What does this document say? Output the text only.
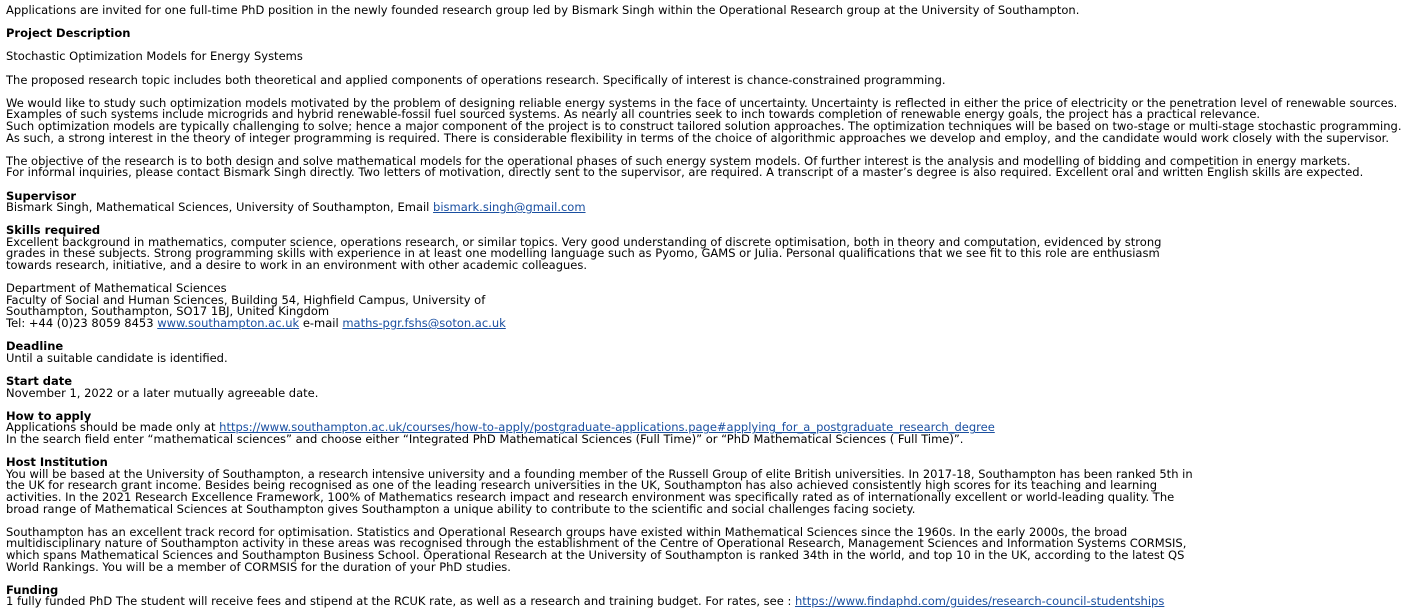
Applications are invited for one full-time PhD position in the newly founded research group led by Bismark Singh within the Operational Research group at the University of Southampton.

Project Description

Stochastic Optimization Models for Energy Systems

The proposed research topic includes both theoretical and applied components of operations research. Specifically of interest is chance-constrained programming.

We would like to study such optimization models motivated by the problem of designing reliable energy systems in the face of uncertainty. Uncertainty is reflected in either the price of electricity or the penetration level of renewable sources.

Examples of such systems include microgrids and hybrid renewable-fossil fuel sourced systems. As nearly all countries seek to inch towards completion of renewable energy goals, the project has a practical relevance.

Such optimization models are typically challenging to solve; hence a major component of the project is to construct tailored solution approaches. The optimization techniques will be based on two-stage or multi-stage stochastic programming.

As such, a strong interest in the theory of integer programming is required. There is considerable flexibility in terms of the choice of algorithmic approaches we develop and employ, and the candidate would work closely with the supervisor.

The objective of the research is to both design and solve mathematical models for the operational phases of such energy system models. Of further interest is the analysis and modelling of bidding and competition in energy markets.

For informal inquiries, please contact Bismark Singh directly. Two letters of motivation, directly sent to the supervisor, are required. A transcript of a master’s degree is also required. Excellent oral and written English skills are expected.

Supervisor

Bismark Singh, Mathematical Sciences, University of Southampton, Email bismark.singh@gmail.com

Skills required

Excellent background in mathematics, computer science, operations research, or similar topics. Very good understanding of discrete optimisation, both in theory and computation, evidenced by strong grades in these subjects. Strong programming skills with experience in at least one modelling language such as Pyomo, GAMS or Julia. Personal qualifications that we see fit to this role are enthusiasm towards research, initiative, and a desire to work in an environment with other academic colleagues.

Department of Mathematical Sciences

Faculty of Social and Human Sciences, Building 54, Highfield Campus, University of

Southampton, Southampton, SO17 1BJ, United Kingdom

Tel: +44 (0)23 8059 8453 www.southampton.ac.uk e-mail maths-pgr.fshs@soton.ac.uk

Deadline

Until a suitable candidate is identified.

Start date

November 1, 2022 or a later mutually agreeable date.

How to apply

Applications should be made only at https://www.southampton.ac.uk/courses/how-to-apply/postgraduate-applications.page#applying_for_a_postgraduate_research_degree

In the search field enter “mathematical sciences” and choose either “Integrated PhD Mathematical Sciences (Full Time)” or “PhD Mathematical Sciences ( Full Time)”.

Host Institution

You will be based at the University of Southampton, a research intensive university and a founding member of the Russell Group of elite British universities. In 2017-18, Southampton has been ranked 5th in the UK for research grant income. Besides being recognised as one of the leading research universities in the UK, Southampton has also achieved consistently high scores for its teaching and learning activities. In the 2021 Research Excellence Framework, 100% of Mathematics research impact and research environment was specifically rated as of internationally excellent or world-leading quality. The broad range of Mathematical Sciences at Southampton gives Southampton a unique ability to contribute to the scientific and social challenges facing society.

Southampton has an excellent track record for optimisation. Statistics and Operational Research groups have existed within Mathematical Sciences since the 1960s. In the early 2000s, the broad multidisciplinary nature of Southampton activity in these areas was recognised through the establishment of the Centre of Operational Research, Management Sciences and Information Systems CORMSIS, which spans Mathematical Sciences and Southampton Business School. Operational Research at the University of Southampton is ranked 34th in the world, and top 10 in the UK, according to the latest QS World Rankings. You will be a member of CORMSIS for the duration of your PhD studies.

Funding

1 fully funded PhD The student will receive fees and stipend at the RCUK rate, as well as a research and training budget. For rates, see : https://www.findaphd.com/guides/research-council-studentships
